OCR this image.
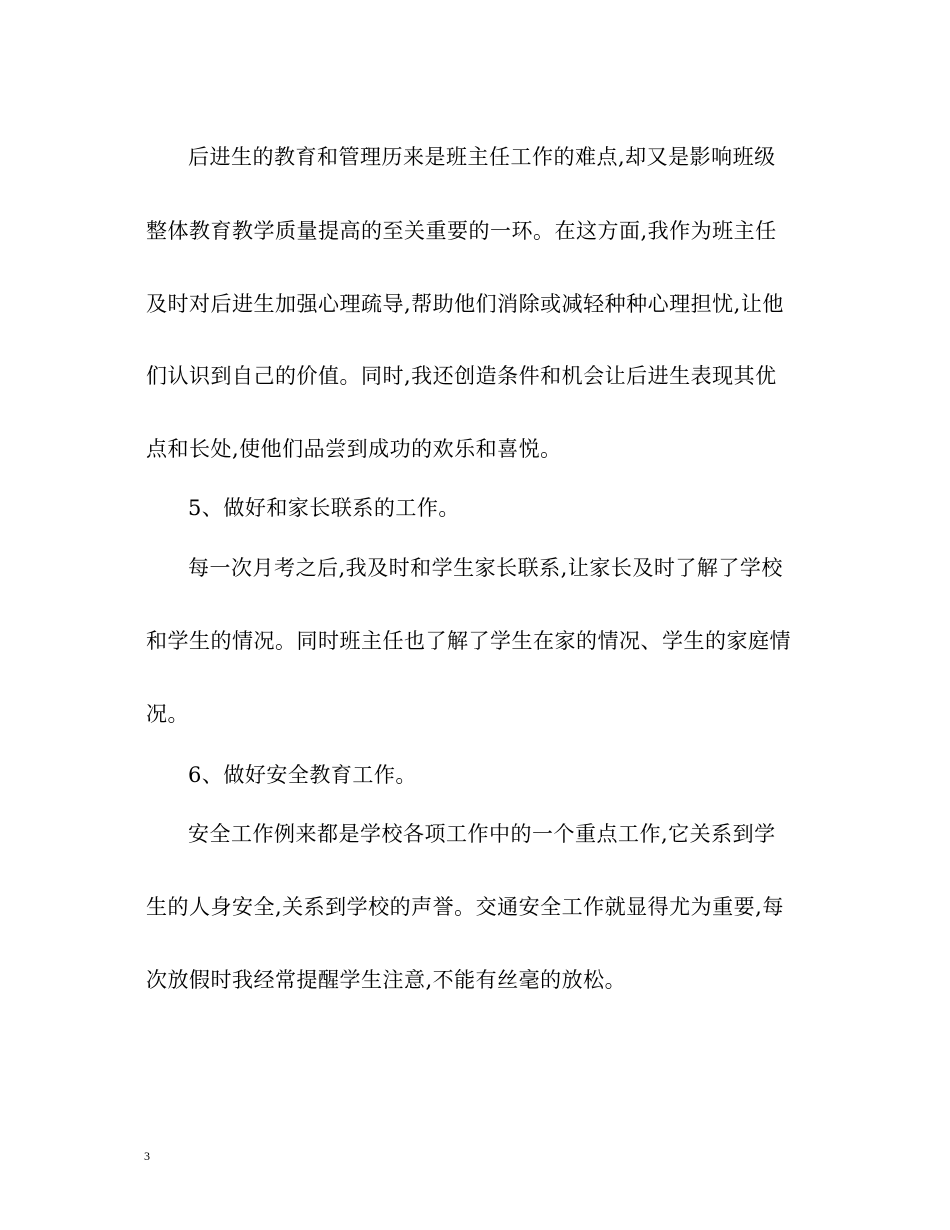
后进生的教育和管理历来是班主任工作的难点,却又是影响班级
整体教育教学质量提高的至关重要的一环。在这方面,我作为班主任
及时对后进生加强心理疏导,帮助他们消除或减轻种种心理担忧,让他
们认识到自己的价值。同时,我还创造条件和机会让后进生表现其优
点和长处,使他们品尝到成功的欢乐和喜悦。
5、做好和家长联系的工作。
每一次月考之后,我及时和学生家长联系,让家长及时了解了学校
和学生的情况。同时班主任也了解了学生在家的情况、学生的家庭情
况。
6、做好安全教育工作。
安全工作例来都是学校各项工作中的一个重点工作,它关系到学
生的人身安全,关系到学校的声誉。交通安全工作就显得尤为重要,每
次放假时我经常提醒学生注意,不能有丝毫的放松。
3
